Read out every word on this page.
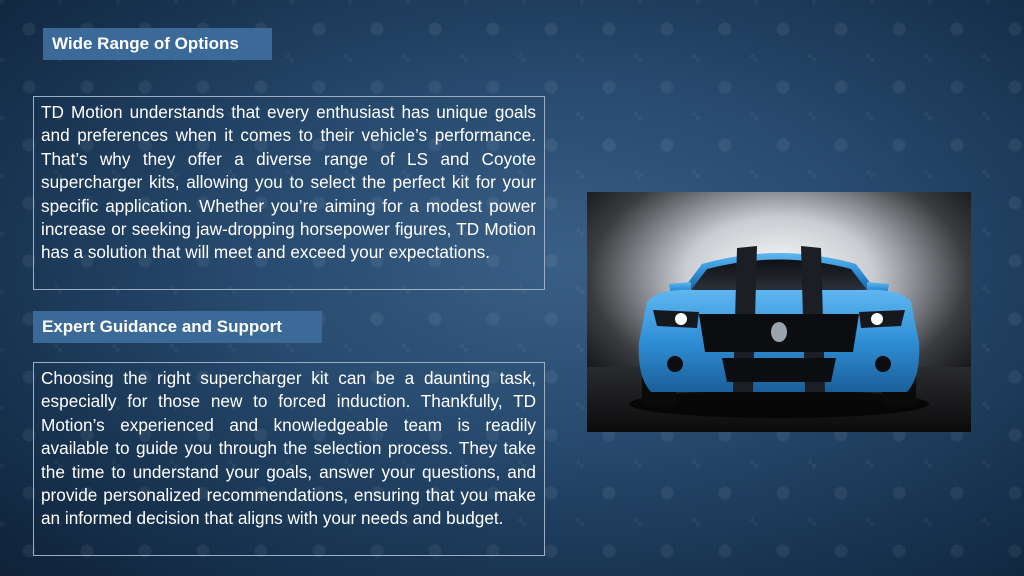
Wide Range of Options

TD Motion understands that every enthusiast has unique goals and preferences when it comes to their vehicle’s performance. That’s why they offer a diverse range of LS and Coyote supercharger kits, allowing you to select the perfect kit for your specific application. Whether you’re aiming for a modest power increase or seeking jaw-dropping horsepower figures, TD Motion has a solution that will meet and exceed your expectations.

Expert Guidance and Support

Choosing the right supercharger kit can be a daunting task, especially for those new to forced induction. Thankfully, TD Motion’s experienced and knowledgeable team is readily available to guide you through the selection process. They take the time to understand your goals, answer your questions, and provide personalized recommendations, ensuring that you make an informed decision that aligns with your needs and budget.
